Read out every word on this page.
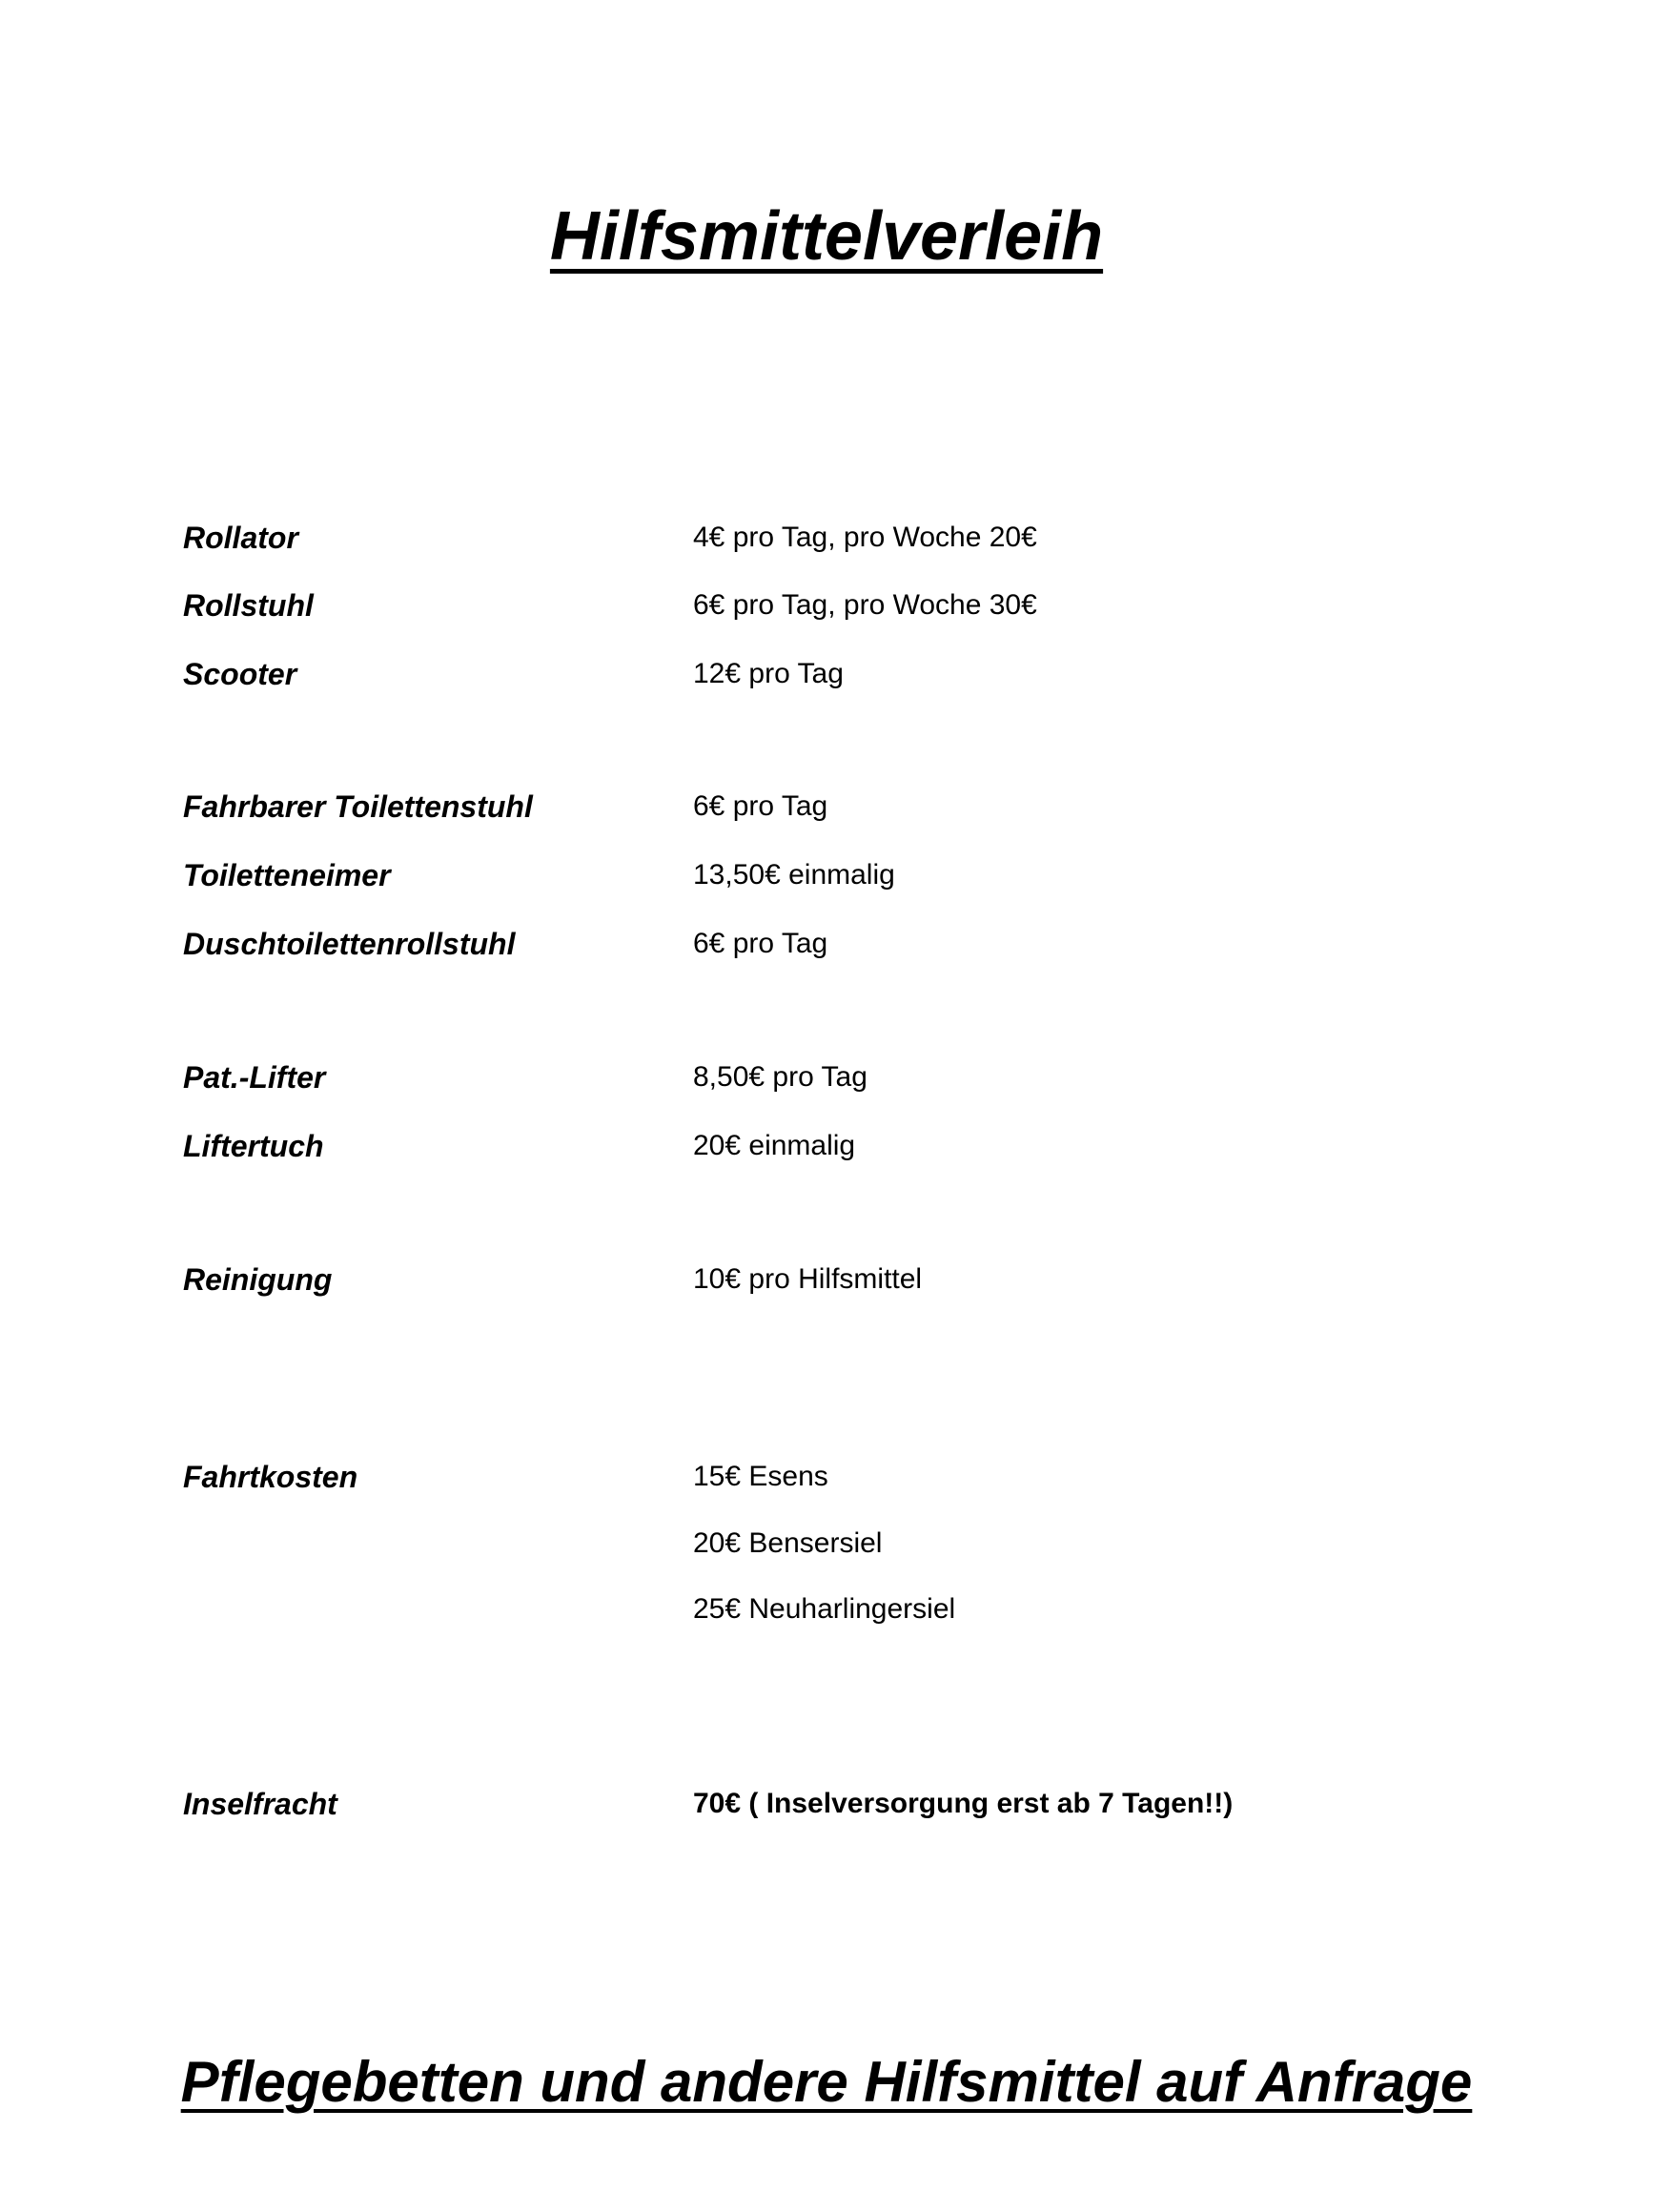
Hilfsmittelverleih
Rollator	4€ pro Tag, pro Woche 20€
Rollstuhl	6€ pro Tag, pro Woche 30€
Scooter	12€ pro Tag
Fahrbarer Toilettenstuhl	6€ pro Tag
Toiletteneimer	13,50€ einmalig
Duschtoilettenrollstuhl	6€ pro Tag
Pat.-Lifter	8,50€ pro Tag
Liftertuch	20€ einmalig
Reinigung	10€ pro Hilfsmittel
Fahrtkosten	15€ Esens
20€ Bensersiel
25€ Neuharlingersiel
Inselfracht	70€ ( Inselversorgung erst ab 7 Tagen!!)

Pflegebetten und andere Hilfsmittel auf Anfrage
